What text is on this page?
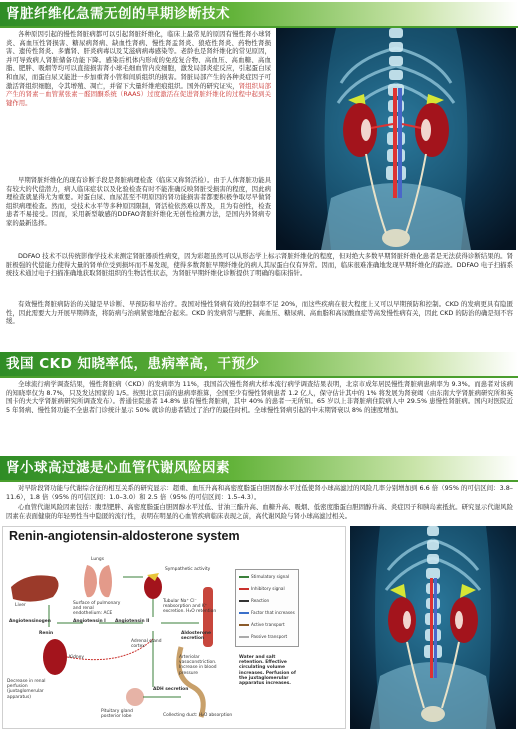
肾脏纤维化急需无创的早期诊断技术

各种原因引起的慢性肾脏病都可以引起肾脏纤维化，临床上最常见的原因有慢性肾小球肾炎、高血压性肾损害、糖尿病肾病、缺血性肾病、慢性肾盂肾炎、狼疮性肾炎、药物性肾损害、遗传性肾炎、多囊肾、肝炎病毒以及艾滋病病毒感染等。老龄也是肾纤维化的常见原因，并可导致病人肾脏储备功能下降。感染后机体内形成的免疫复合物、高血压、高血糖、高血脂、肥胖、吸烟等均可以直接损害肾小球毛细血管内皮细胞，激发局部炎症反应，引起蛋白尿和血尿，而蛋白尿又能进一步加重肾小管和间质组织的损害。肾脏局部产生的各种炎症因子可激活肾组织细胞，令其增殖、凋亡，并留下大量纤维疤痕组织。国外的研究证实，肾组织局部产生的肾素－血管紧张素－醛固酮系统（RAAS）过度激活在促进肾脏纤维化的过程中起到关键作用。

早期肾脏纤维化的现有诊断手段是肾脏病理检查（临床又称肾活检）。由于人体肾脏功能具有较大的代偿潜力，病人临床症状以及化验检查有时不能准确反映肾脏受损害的程度，因此病理检查就显得尤为重要。对蛋白尿、血尿甚至不明原因的肾功能损害者都要积极争取尽早做肾组织病理检查。然而，受技术水平等多种原因限制，肾活检依然难以普及，且为有创性，检查患者不易接受。因而，采用新型敏感的DDFAO肾脏纤维化无创性检测方法，是国内外肾病专家的最新选择。

DDFAO 技术不以传统影像学技术来测定肾脏器质性病变，因为彩超虽然可以从形态学上标示肾脏纤维化的程度，但对绝大多数早期肾脏纤维化患者是无法获得诊断结果的。肾脏极强的代偿能力使得大量的肾单位受到损坏而不易发现，使得多数肾脏早期纤维化的病人其尿蛋白仅有异常。因而，临床很难准确地发现早期纤维化的踪迹。DDFAO 电子扫描系统技术通过电子扫描准确地获取肾脏组织的生物活性状态，为肾脏早期纤维化诊断提供了明确的临床指针。

有效慢性肾脏病防治的关键是早诊断、早预防和早治疗。我国对慢性肾病有效的控制率不足 20%，而这些疾病在很大程度上又可以早期预防和控制。CKD 的发病更具有隐匿性，因此需要大力开展早期筛查，将防病与治病紧密地配合起来。CKD 的发病常与肥胖、高血压、糖尿病、高血脂和高尿酸血症等高发慢性病有关，因此 CKD 的防治的确是刻不容缓。

我国 CKD 知晓率低，患病率高，干预少

全球流行病学调查结果，慢性肾脏病（CKD）的发病率为 11%，我国首次慢性肾病大样本流行病学调查结果表明，北京市成年居民慢性肾脏病患病率为 9.3%。而患者对该病的知晓率仅为 8.7%，只及发达国家的 1/5。按照北京目前的患病率推算，全国至少有慢性肾病患者 1.2 亿人，保守估计其中的 1% 将发展为肾衰竭（由东南大学肾脏病研究所和英国卡的夫大学肾脏病研究所调查发布）。普通住院患者 14.8% 患有慢性肾脏病，其中 40% 的患者一无所知。65 岁以上非肾脏病住院病人中 29.5% 患慢性肾脏病。国内对医院近 5 年肾病、慢性肾功能不全患者门诊统计显示 50% 就诊的患者错过了治疗的最佳时机。全球慢性肾病引起的中末期肾衰以 8% 的速度增加。

肾小球高过滤是心血管代谢风险因素

对早阶段肾功能与代谢综合征的相互关系的研究显示：超重、血压升高和高密度脂蛋白胆固醇水平过低使肾小球高滤过的风险几率分别增加到 6.6 倍（95% 的可信区间：3.8–11.6），1.8 倍（95% 的可信区间：1.0–3.0）和 2.5 倍（95% 的可信区间：1.5–4.3）。

心血管代谢风险因素包括：腹型肥胖、高密度脂蛋白胆固醇水平过低、甘油三酯升高、血糖升高、吸烟、低密度脂蛋白胆固醇升高、炎症因子和胰岛素抵抗。研究显示代谢风险因素在表面健康的年轻男性当中隐匿的流行性，表明在明显的心血管疾病临床表现之前，高代谢风险与肾小球高滤过相关。

Renin-angiotensin-aldosterone system
Liver
Lungs
Surface of pulmonary and renal endothelium: ACE
Angiotensinogen	Angiotensin I	Angiotensin II
Renin
Kidney
Decrease in renal perfusion (juxtaglomerular apparatus)
Sympathetic activity
Tubular Na⁺ Cl⁻ reabsorption and K⁺ excretion. H₂O retention
Adrenal gland cortex
Aldosterone secretion
Arteriolar vasoconstriction. Increase in blood pressure
Pituitary gland posterior lobe
ADH secretion
Collecting duct: H₂O absorption
Water and salt retention. Effective circulating volume increases. Perfusion of the juxtaglomerular apparatus increases.
Stimulatory signal
Inhibitory signal
Reaction
Factor that increases
Active transport
Passive transport
